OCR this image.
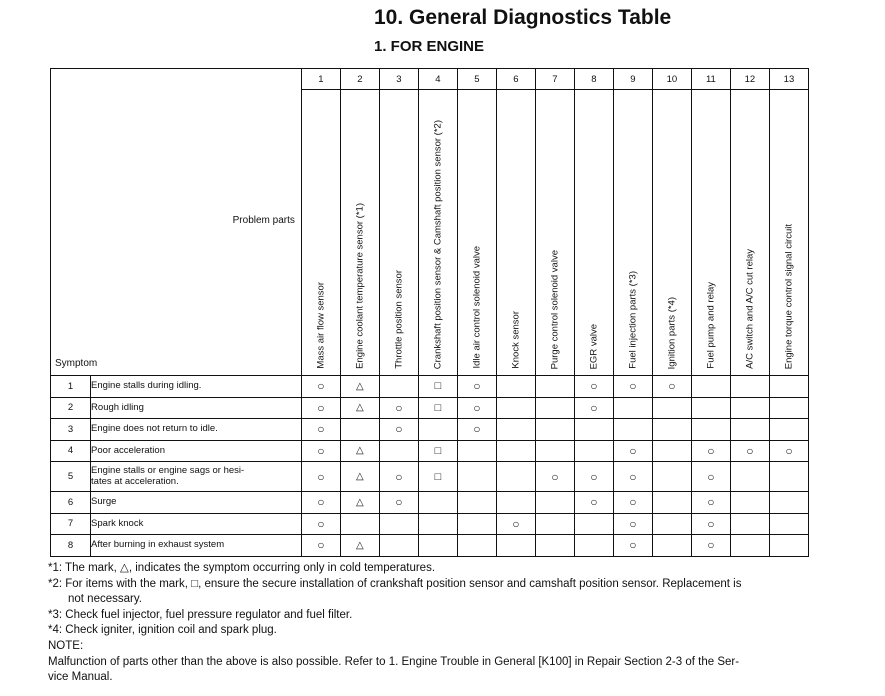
10. General Diagnostics Table
1. FOR ENGINE
Problem parts
Symptom		1	2	3	4	5	6	7	8	9	10	11	12	13

		Mass air flow sensor	Engine coolant temperature sensor (*1)	Throttle position sensor	Crankshaft position sensor & Camshaft position sensor (*2)	Idle air control solenoid valve	Knock sensor	Purge control solenoid valve	EGR valve	Fuel injection parts (*3)	Ignition parts (*4)	Fuel pump and relay	A/C switch and A/C cut relay	Engine torque control signal circuit

1	Engine stalls during idling.	○	△		□	○			○	○	○			
2	Rough idling	○	△	○	□	○			○					
3	Engine does not return to idle.	○		○		○								
4	Poor acceleration	○	△		□					○		○	○	○
5	Engine stalls or engine sags or hesi-
tates at acceleration.	○	△	○	□			○	○	○		○		
6	Surge	○	△	○					○	○		○		
7	Spark knock	○					○			○		○		
8	After burning in exhaust system	○	△							○		○		
*1: The mark, △, indicates the symptom occurring only in cold temperatures.
*2: For items with the mark, □, ensure the secure installation of crankshaft position sensor and camshaft position sensor. Replacement is
not necessary.
*3: Check fuel injector, fuel pressure regulator and fuel filter.
*4: Check igniter, ignition coil and spark plug.
NOTE:
Malfunction of parts other than the above is also possible. Refer to 1. Engine Trouble in General [K100] in Repair Section 2-3 of the Ser-
vice Manual.
